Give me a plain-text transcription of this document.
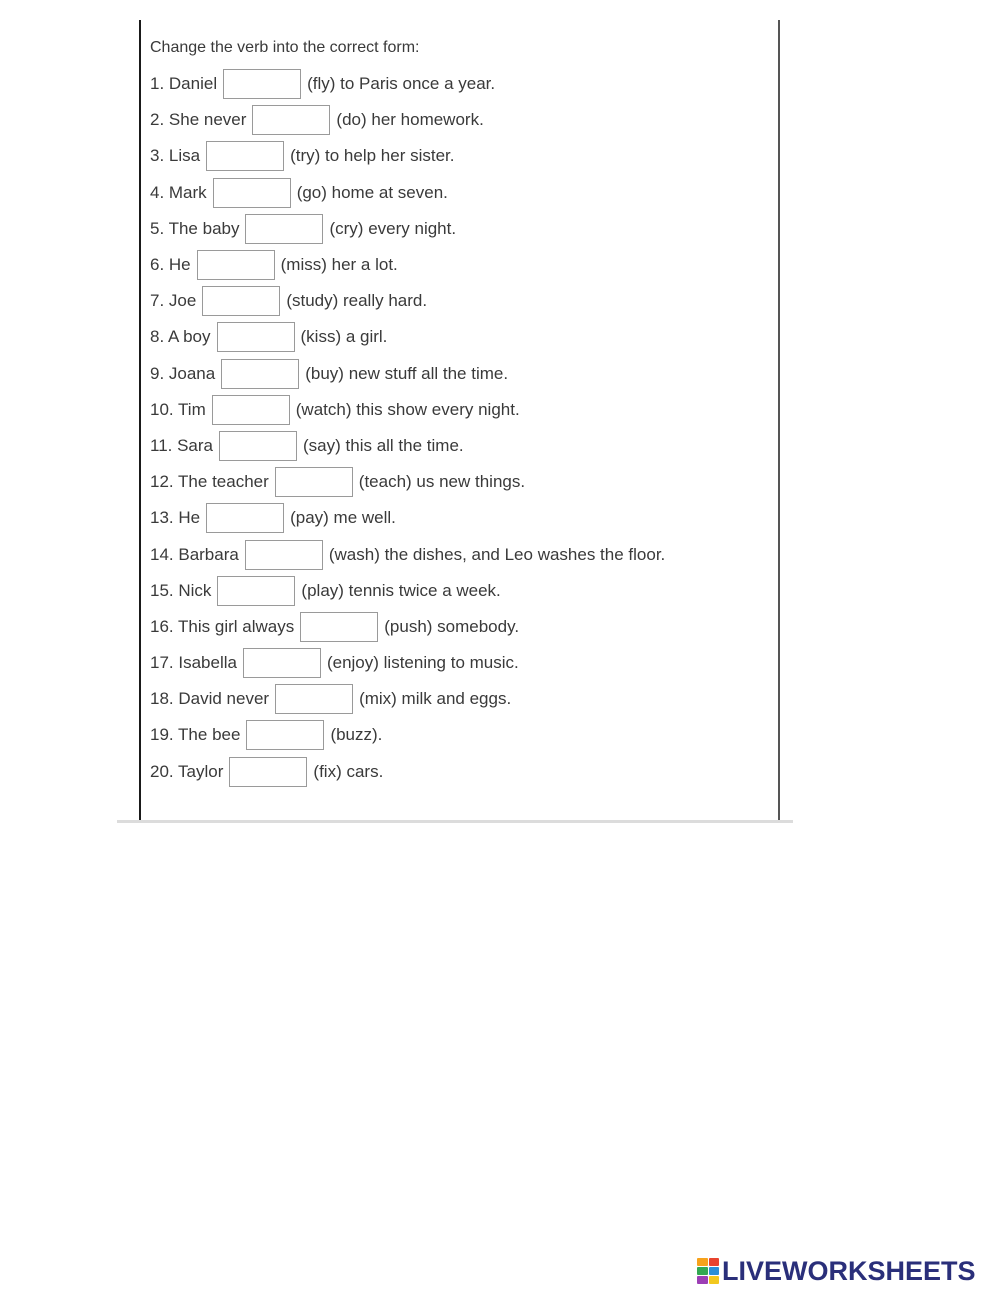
Change the verb into the correct form:
1. Daniel	(fly) to Paris once a year.
2. She never	(do) her homework.
3. Lisa	(try) to help her sister.
4. Mark	(go) home at seven.
5. The baby	(cry) every night.
6. He	(miss) her a lot.
7. Joe	(study) really hard.
8. A boy	(kiss) a girl.
9. Joana	(buy) new stuff all the time.
10. Tim	(watch) this show every night.
11. Sara	(say) this all the time.
12. The teacher	(teach) us new things.
13. He	(pay) me well.
14. Barbara	(wash) the dishes, and Leo washes the floor.
15. Nick	(play) tennis twice a week.
16. This girl always	(push) somebody.
17. Isabella	(enjoy) listening to music.
18. David never	(mix) milk and eggs.
19. The bee	(buzz).
20. Taylor	(fix) cars.
LIVEWORKSHEETS
